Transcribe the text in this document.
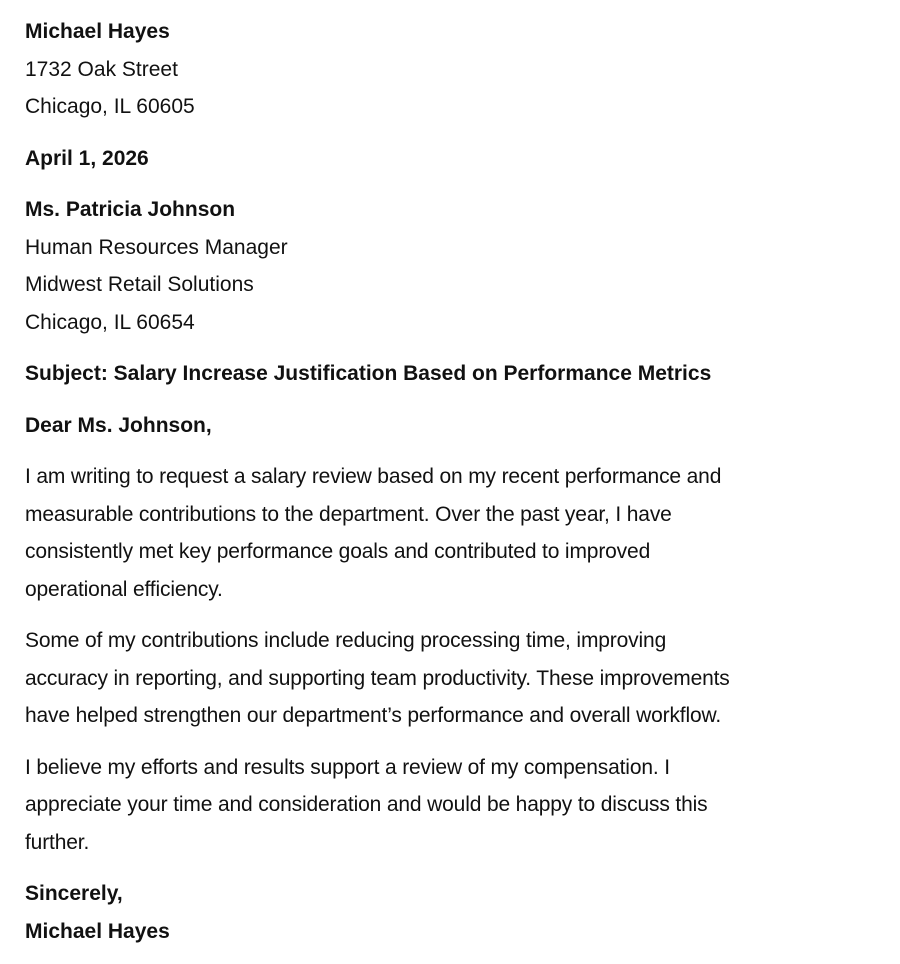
Michael Hayes
1732 Oak Street
Chicago, IL 60605
April 1, 2026
Ms. Patricia Johnson
Human Resources Manager
Midwest Retail Solutions
Chicago, IL 60654
Subject: Salary Increase Justification Based on Performance Metrics
Dear Ms. Johnson,
I am writing to request a salary review based on my recent performance and
measurable contributions to the department. Over the past year, I have
consistently met key performance goals and contributed to improved
operational efficiency.
Some of my contributions include reducing processing time, improving
accuracy in reporting, and supporting team productivity. These improvements
have helped strengthen our department’s performance and overall workflow.
I believe my efforts and results support a review of my compensation. I
appreciate your time and consideration and would be happy to discuss this
further.
Sincerely,
Michael Hayes
